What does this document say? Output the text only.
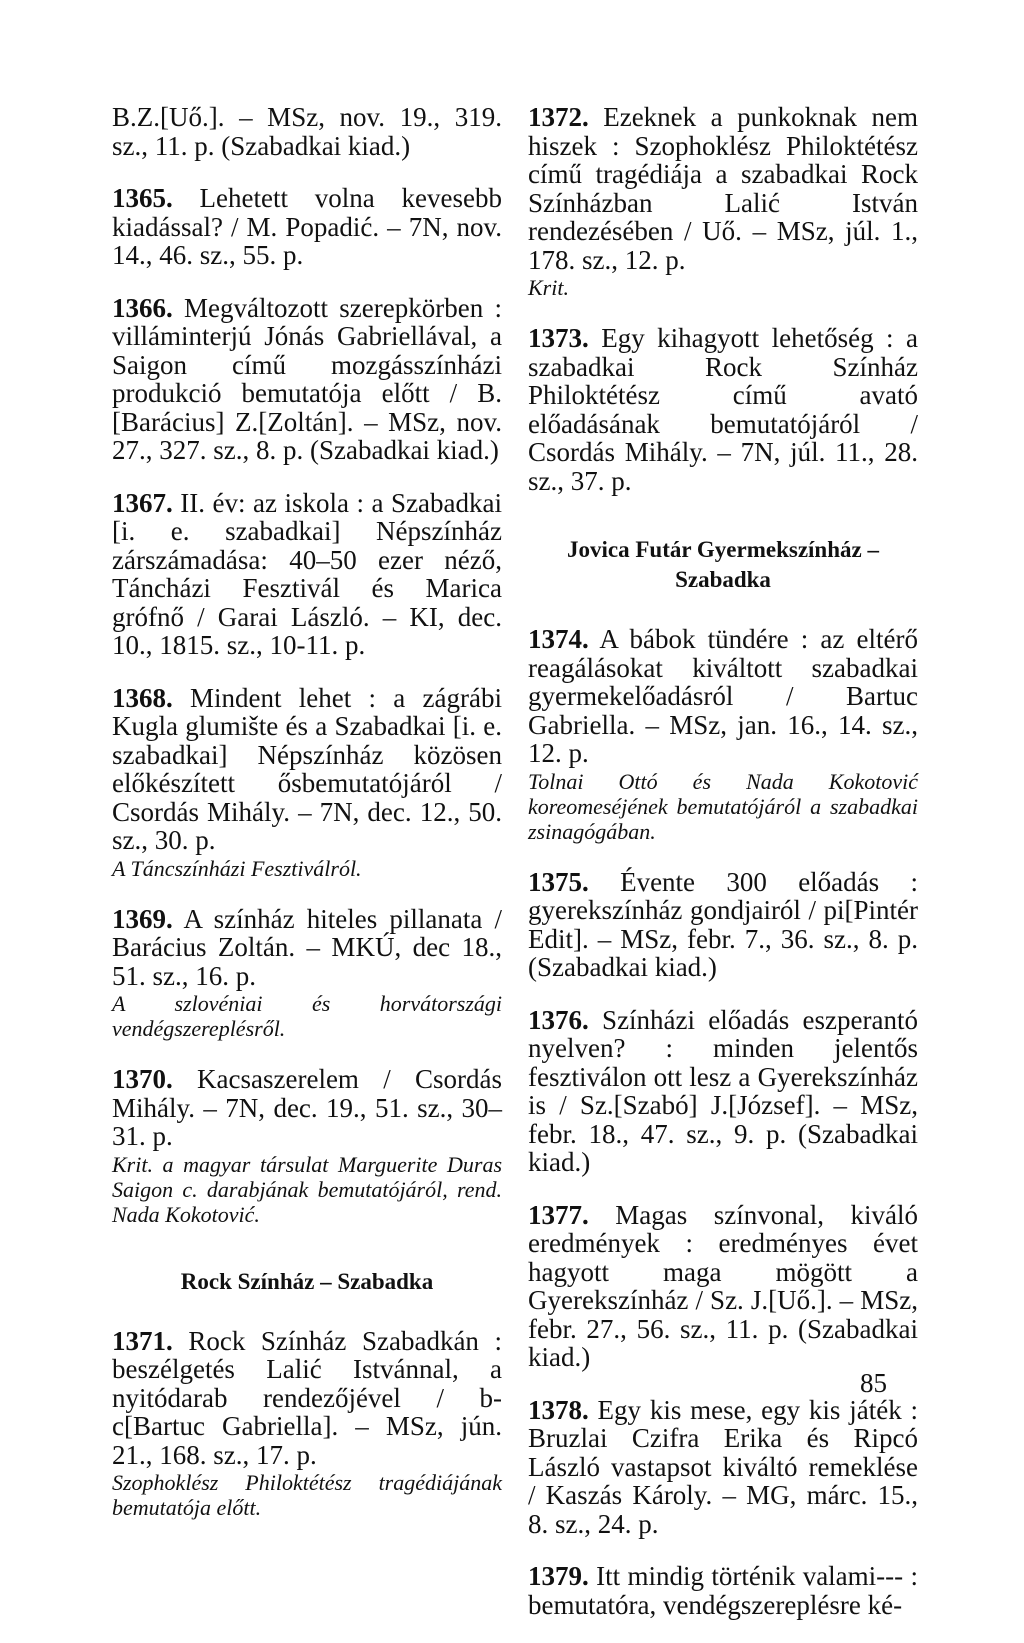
B.Z.[Uő.]. – MSz, nov. 19., 319. sz., 11. p. (Szabadkai kiad.)

1365. Lehetett volna kevesebb kiadással? / M. Popadić. – 7N, nov. 14., 46. sz., 55. p.

1366. Megváltozott szerepkörben : villáminterjú Jónás Gabriellával, a Saigon című mozgásszínházi produkció bemutatója előtt / B.[Barácius] Z.[Zoltán]. – MSz, nov. 27., 327. sz., 8. p. (Szabadkai kiad.)

1367. II. év: az iskola : a Szabadkai [i. e. szabadkai] Népszínház zárszámadása: 40–50 ezer néző, Táncházi Fesztivál és Marica grófnő / Garai László. – KI, dec. 10., 1815. sz., 10-11. p.

1368. Mindent lehet : a zágrábi Kugla glumište és a Szabadkai [i. e. szabadkai] Népszínház közösen előkészített ősbemutatójáról / Csordás Mihály. – 7N, dec. 12., 50. sz., 30. p.
A Táncszínházi Fesztiválról.

1369. A színház hiteles pillanata / Barácius Zoltán. – MKÚ, dec 18., 51. sz., 16. p.
A szlovéniai és horvátországi vendégszereplésről.

1370. Kacsaszerelem / Csordás Mihály. – 7N, dec. 19., 51. sz., 30–31. p.
Krit. a magyar társulat Marguerite Duras Saigon c. darabjának bemutatójáról, rend. Nada Kokotović.

Rock Színház – Szabadka

1371. Rock Színház Szabadkán : beszélgetés Lalić Istvánnal, a nyitódarab rendezőjével / b-c[Bartuc Gabriella]. – MSz, jún. 21., 168. sz., 17. p.
Szophoklész Philoktétész tragédiájának bemutatója előtt.

1372. Ezeknek a punkoknak nem hiszek : Szophoklész Philoktétész című tragédiája a szabadkai Rock Színházban Lalić István rendezésében / Uő. – MSz, júl. 1., 178. sz., 12. p.
Krit.

1373. Egy kihagyott lehetőség : a szabadkai Rock Színház Philoktétész című avató előadásának bemutatójáról / Csordás Mihály. – 7N, júl. 11., 28. sz., 37. p.

Jovica Futár Gyermekszínház – Szabadka

1374. A bábok tündére : az eltérő reagálásokat kiváltott szabadkai gyermekelőadásról / Bartuc Gabriella. – MSz, jan. 16., 14. sz., 12. p.
Tolnai Ottó és Nada Kokotović koreomeséjének bemutatójáról a szabadkai zsinagógában.

1375. Évente 300 előadás : gyerekszínház gondjairól / pi[Pintér Edit]. – MSz, febr. 7., 36. sz., 8. p. (Szabadkai kiad.)

1376. Színházi előadás eszperantó nyelven? : minden jelentős fesztiválon ott lesz a Gyerekszínház is / Sz.[Szabó] J.[József]. – MSz, febr. 18., 47. sz., 9. p. (Szabadkai kiad.)

1377. Magas színvonal, kiváló eredmények : eredményes évet hagyott maga mögött a Gyerekszínház / Sz. J.[Uő.]. – MSz, febr. 27., 56. sz., 11. p. (Szabadkai kiad.)

1378. Egy kis mese, egy kis játék : Bruzlai Czifra Erika és Ripcó László vastapsot kiváltó remeklése / Kaszás Károly. – MG, márc. 15., 8. sz., 24. p.

1379. Itt mindig történik valami--- : bemutatóra, vendégszereplésre ké-

85
